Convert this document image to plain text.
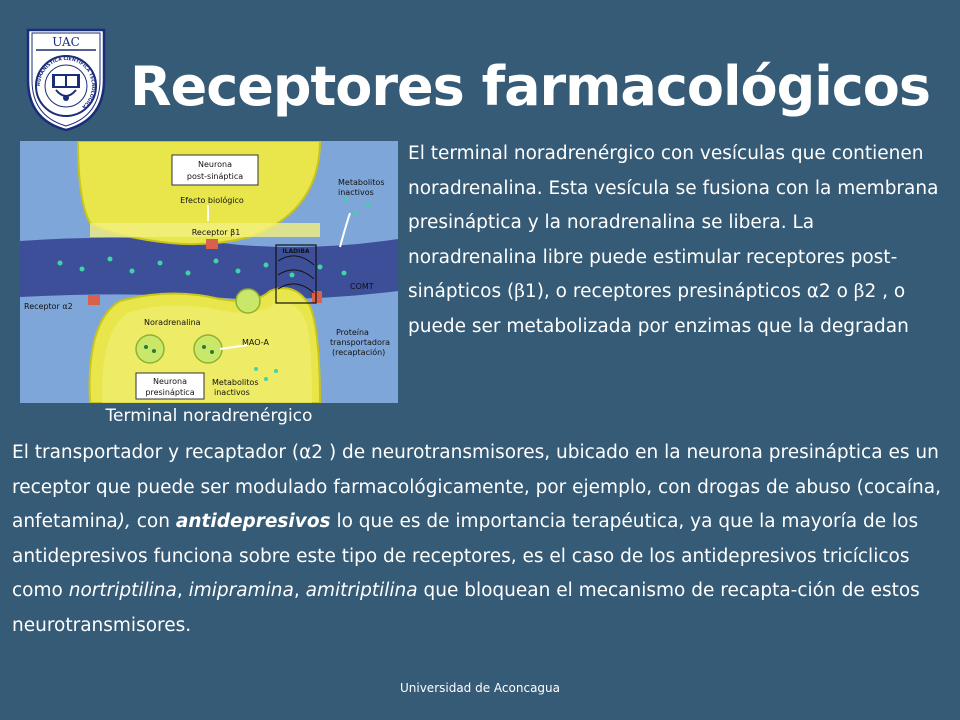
UAC
HUMANISTICA CIENTIFICA TECNOLOGICA Receptores farmacológicos
Neurona
post-sináptica
Neurona
presináptica
Efecto biológico
Receptor β1
Metabolitos
inactivos
COMT
Receptor α2
Noradrenalina
MAO-A
Proteína
transportadora
(recaptación)
Metabolitos
inactivos
ILADIBA
Terminal noradrenérgico

El terminal noradrenérgico con vesículas que contienen noradrenalina. Esta vesícula se fusiona con la membrana presináptica y la noradrenalina se libera. La noradrenalina libre puede estimular receptores post-sinápticos (β1), o receptores presinápticos α2 o β2 , o puede ser metabolizada por enzimas que la degradan

El transportador y recaptador (α2 ) de neurotransmisores, ubicado en la neurona presináptica es un receptor que puede ser modulado farmacológicamente, por ejemplo, con drogas de abuso (cocaína, anfetamina), con antidepresivos lo que es de importancia terapéutica, ya que la mayoría de los antidepresivos funciona sobre este tipo de receptores, es el caso de los antidepresivos tricíclicos como nortriptilina, imipramina, amitriptilina que bloquean el mecanismo de recapta-ción de estos neurotransmisores.

Universidad de Aconcagua
